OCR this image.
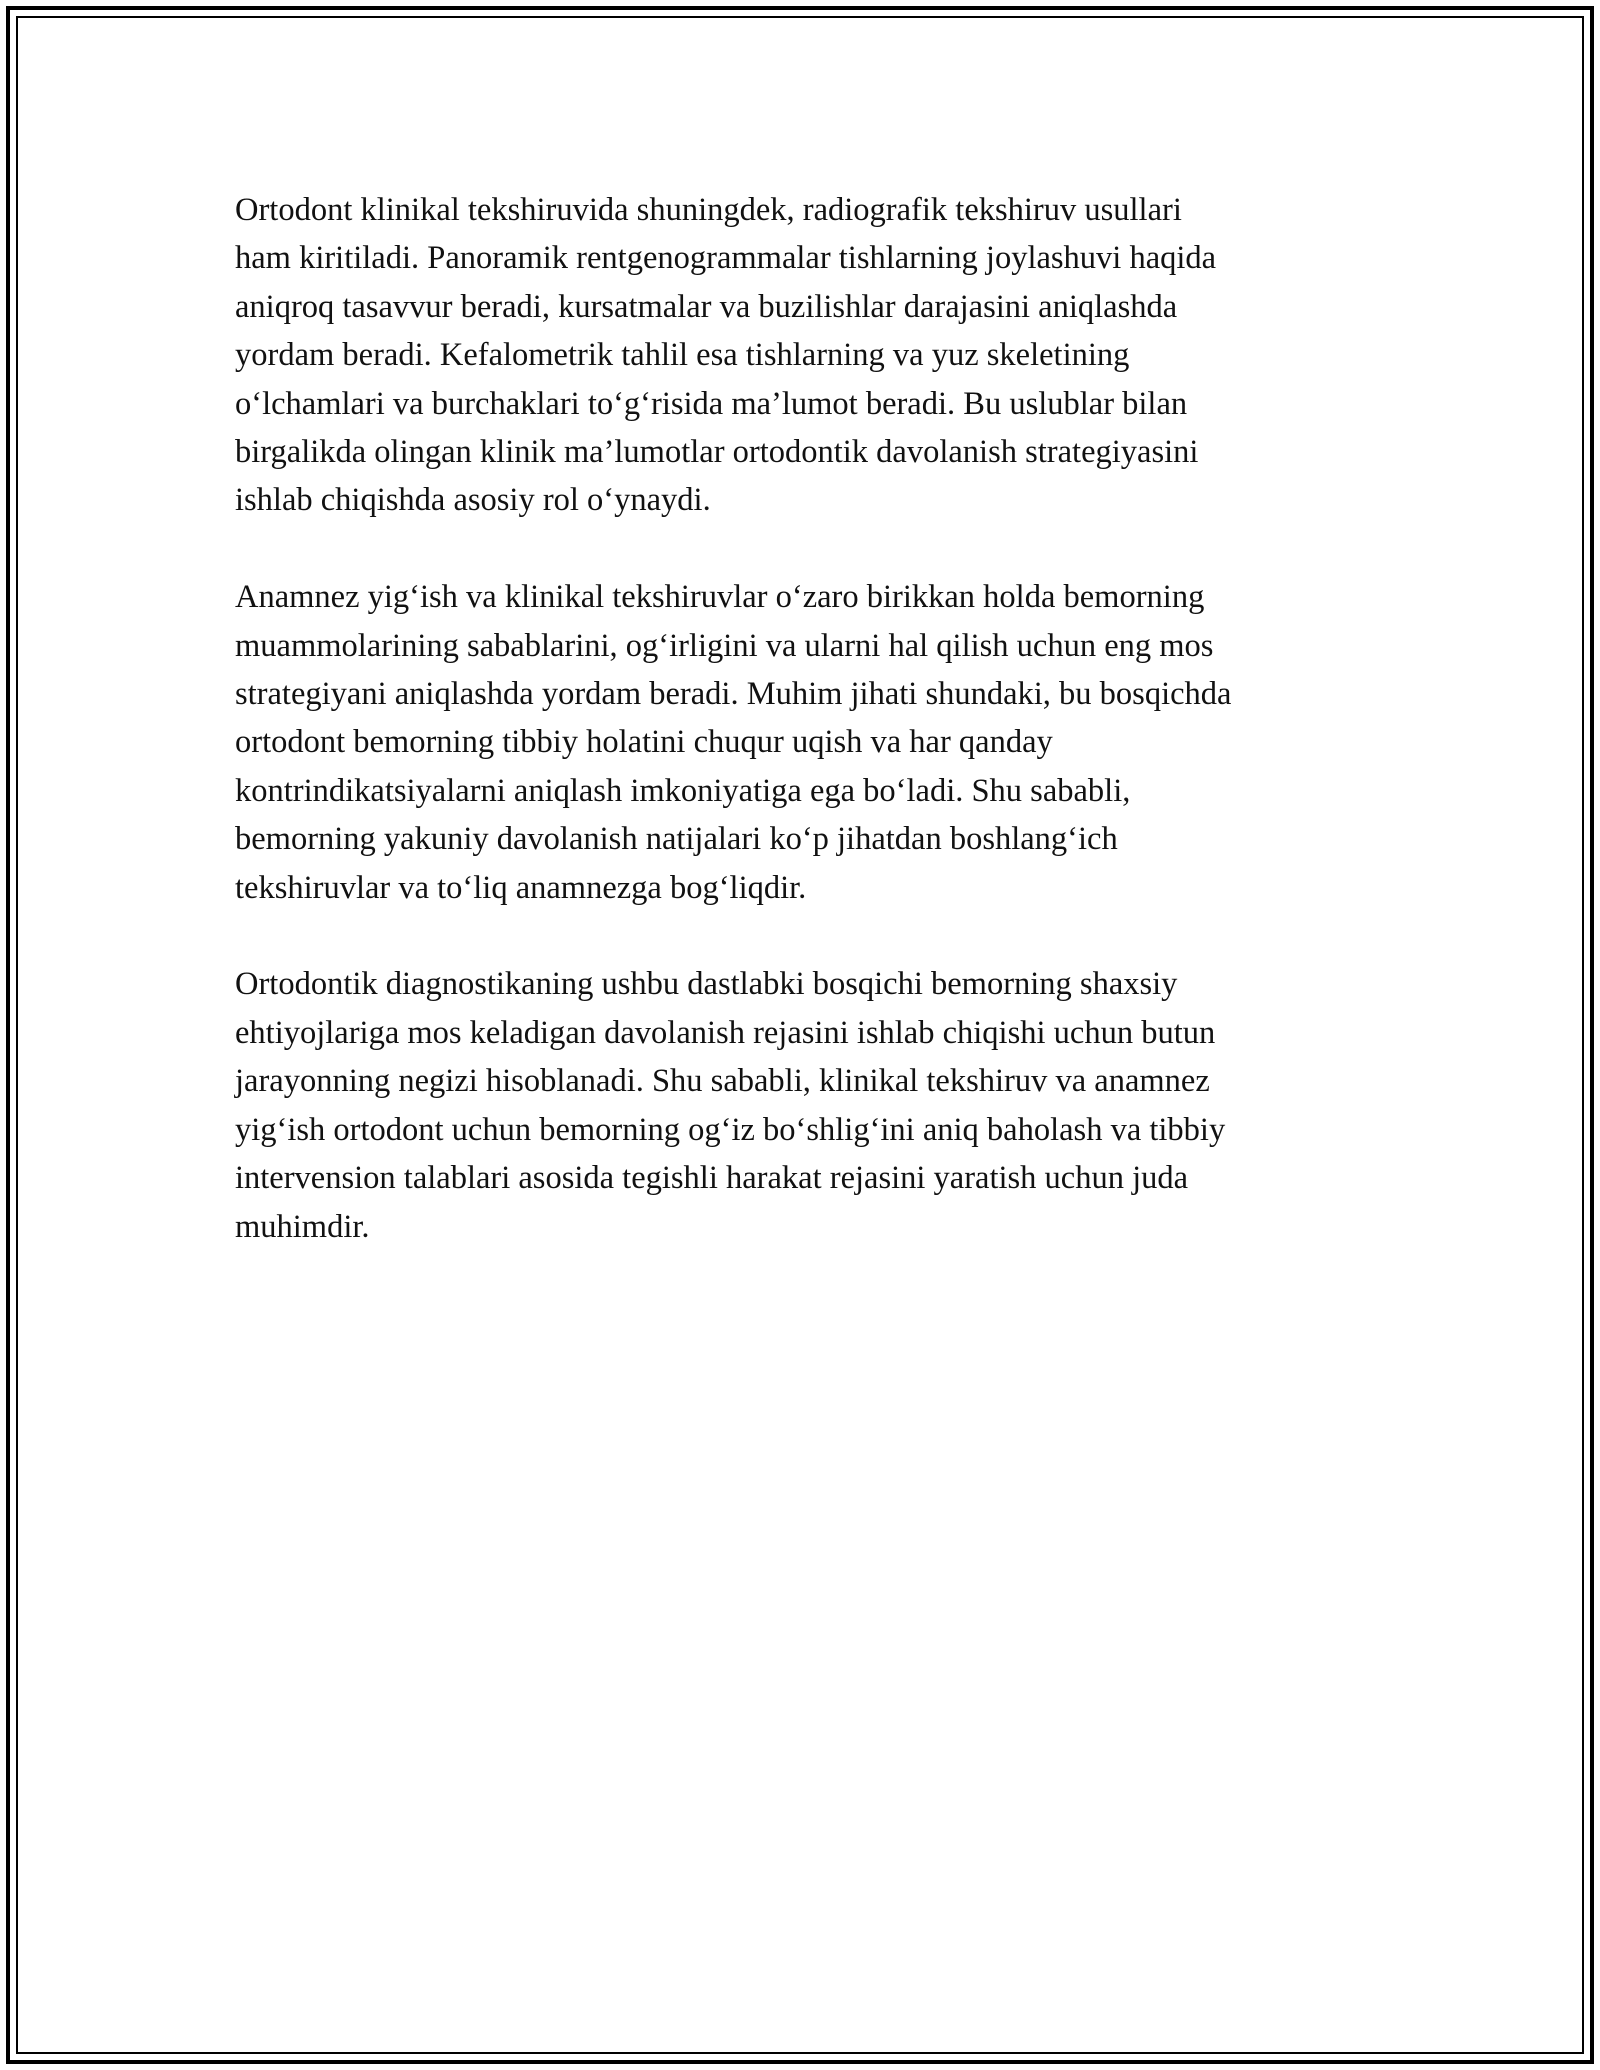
Ortodont klinikal tekshiruvida shuningdek, radiografik tekshiruv usullari
ham kiritiladi. Panoramik rentgenogrammalar tishlarning joylashuvi haqida
aniqroq tasavvur beradi, kursatmalar va buzilishlar darajasini aniqlashda
yordam beradi. Kefalometrik tahlil esa tishlarning va yuz skeletining
o‘lchamlari va burchaklari to‘g‘risida ma’lumot beradi. Bu uslublar bilan
birgalikda olingan klinik ma’lumotlar ortodontik davolanish strategiyasini
ishlab chiqishda asosiy rol o‘ynaydi.

Anamnez yig‘ish va klinikal tekshiruvlar o‘zaro birikkan holda bemorning
muammolarining sabablarini, og‘irligini va ularni hal qilish uchun eng mos
strategiyani aniqlashda yordam beradi. Muhim jihati shundaki, bu bosqichda
ortodont bemorning tibbiy holatini chuqur uqish va har qanday
kontrindikatsiyalarni aniqlash imkoniyatiga ega bo‘ladi. Shu sababli,
bemorning yakuniy davolanish natijalari ko‘p jihatdan boshlang‘ich
tekshiruvlar va to‘liq anamnezga bog‘liqdir.

Ortodontik diagnostikaning ushbu dastlabki bosqichi bemorning shaxsiy
ehtiyojlariga mos keladigan davolanish rejasini ishlab chiqishi uchun butun
jarayonning negizi hisoblanadi. Shu sababli, klinikal tekshiruv va anamnez
yig‘ish ortodont uchun bemorning og‘iz bo‘shlig‘ini aniq baholash va tibbiy
intervension talablari asosida tegishli harakat rejasini yaratish uchun juda
muhimdir.
